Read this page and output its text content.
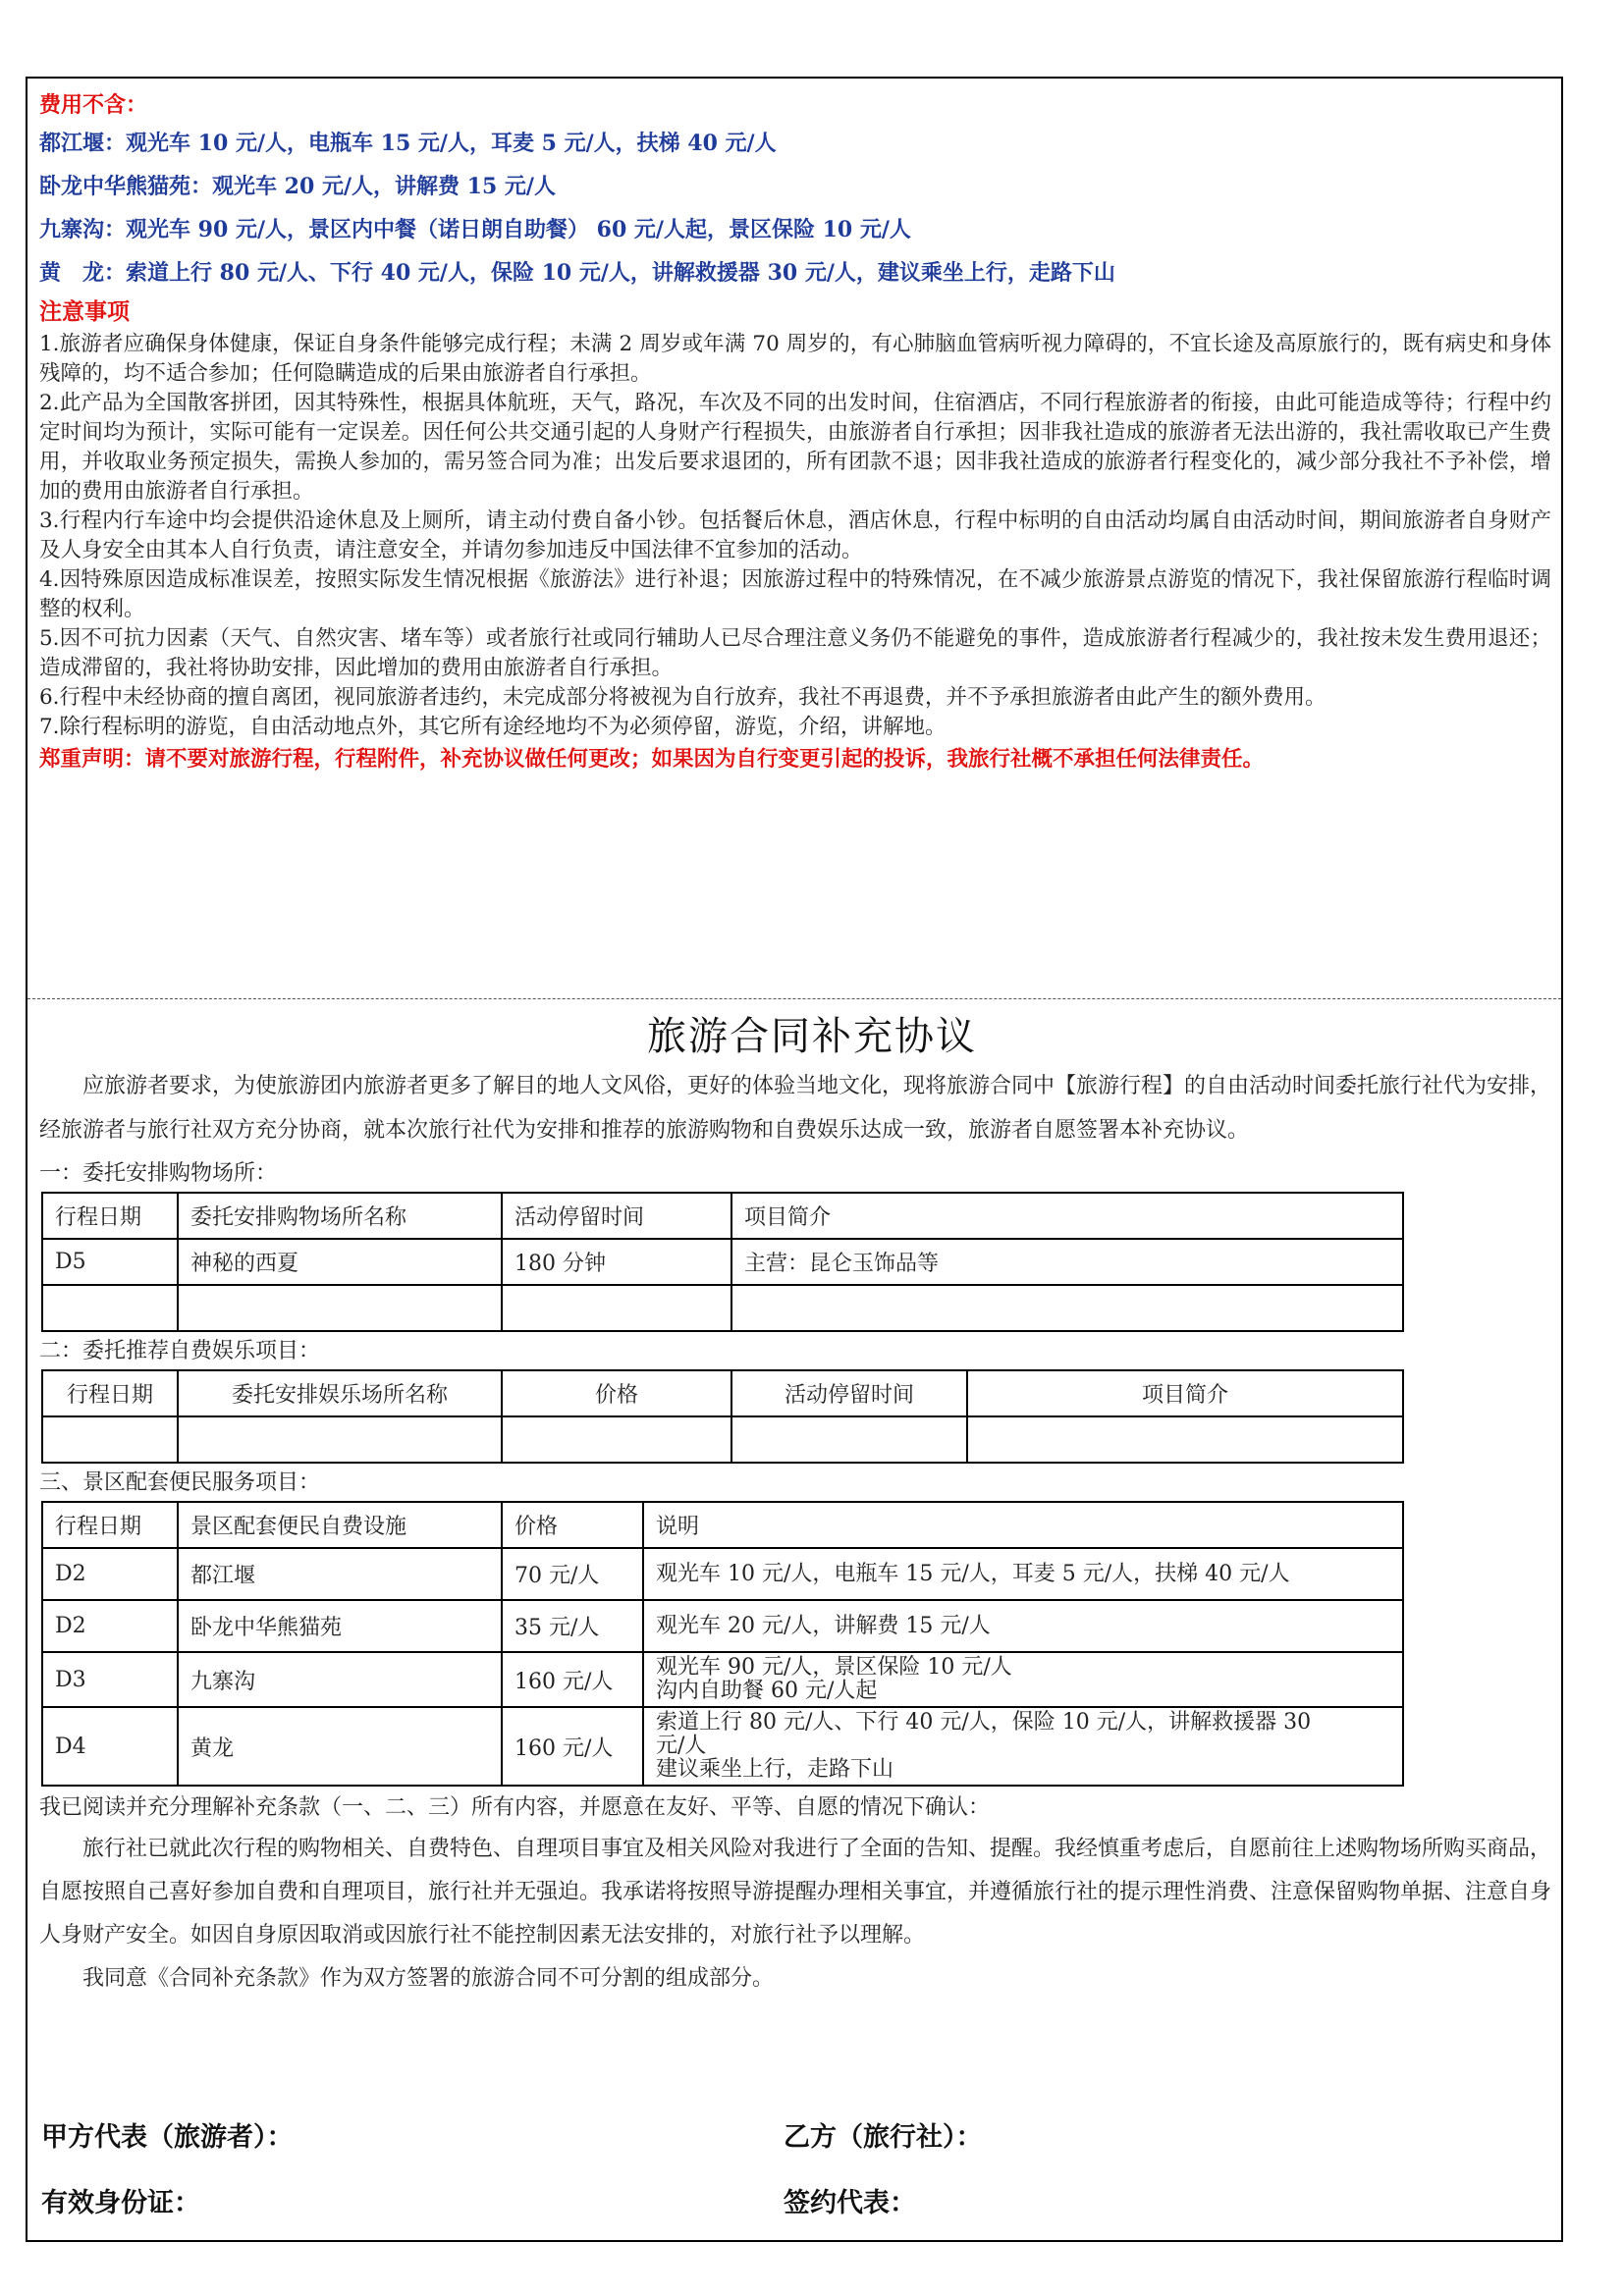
费用不含：
都江堰：观光车 10 元/人，电瓶车 15 元/人，耳麦 5 元/人，扶梯 40 元/人
卧龙中华熊猫苑：观光车 20 元/人，讲解费 15 元/人
九寨沟：观光车 90 元/人，景区内中餐（诺日朗自助餐） 60 元/人起，景区保险 10 元/人
黄　龙：索道上行 80 元/人、下行 40 元/人，保险 10 元/人，讲解救援器 30 元/人，建议乘坐上行，走路下山
注意事项

1.旅游者应确保身体健康，保证自身条件能够完成行程；未满 2 周岁或年满 70 周岁的，有心肺脑血管病听视力障碍的，不宜长途及高原旅行的，既有病史和身体残障的，均不适合参加；任何隐瞒造成的后果由旅游者自行承担。

2.此产品为全国散客拼团，因其特殊性，根据具体航班，天气，路况，车次及不同的出发时间，住宿酒店，不同行程旅游者的衔接，由此可能造成等待；行程中约定时间均为预计，实际可能有一定误差。因任何公共交通引起的人身财产行程损失，由旅游者自行承担；因非我社造成的旅游者无法出游的，我社需收取已产生费用，并收取业务预定损失，需换人参加的，需另签合同为准；出发后要求退团的，所有团款不退；因非我社造成的旅游者行程变化的，减少部分我社不予补偿，增加的费用由旅游者自行承担。

3.行程内行车途中均会提供沿途休息及上厕所，请主动付费自备小钞。包括餐后休息，酒店休息，行程中标明的自由活动均属自由活动时间，期间旅游者自身财产及人身安全由其本人自行负责，请注意安全，并请勿参加违反中国法律不宜参加的活动。

4.因特殊原因造成标准误差，按照实际发生情况根据《旅游法》进行补退；因旅游过程中的特殊情况，在不减少旅游景点游览的情况下，我社保留旅游行程临时调整的权利。

5.因不可抗力因素（天气、自然灾害、堵车等）或者旅行社或同行辅助人已尽合理注意义务仍不能避免的事件，造成旅游者行程减少的，我社按未发生费用退还；造成滞留的，我社将协助安排，因此增加的费用由旅游者自行承担。

6.行程中未经协商的擅自离团，视同旅游者违约，未完成部分将被视为自行放弃，我社不再退费，并不予承担旅游者由此产生的额外费用。

7.除行程标明的游览，自由活动地点外，其它所有途经地均不为必须停留，游览，介绍，讲解地。

郑重声明：请不要对旅游行程，行程附件，补充协议做任何更改；如果因为自行变更引起的投诉，我旅行社概不承担任何法律责任。
旅游合同补充协议

应旅游者要求，为使旅游团内旅游者更多了解目的地人文风俗，更好的体验当地文化，现将旅游合同中【旅游行程】的自由活动时间委托旅行社代为安排，经旅游者与旅行社双方充分协商，就本次旅行社代为安排和推荐的旅游购物和自费娱乐达成一致，旅游者自愿签署本补充协议。

一：委托安排购物场所：

行程日期	委托安排购物场所名称	活动停留时间	项目简介
D5	神秘的西夏	180 分钟	主营：昆仑玉饰品等

二：委托推荐自费娱乐项目：

行程日期	委托安排娱乐场所名称	价格	活动停留时间	项目简介

三、景区配套便民服务项目：

行程日期	景区配套便民自费设施	价格	说明
D2	都江堰	70 元/人	观光车 10 元/人，电瓶车 15 元/人，耳麦 5 元/人，扶梯 40 元/人

D2	卧龙中华熊猫苑	35 元/人	观光车 20 元/人，讲解费 15 元/人

D3	九寨沟	160 元/人	观光车 90 元/人，景区保险 10 元/人
沟内自助餐 60 元/人起

D4	黄龙	160 元/人	索道上行 80 元/人、下行 40 元/人，保险 10 元/人，讲解救援器 30
元/人
建议乘坐上行，走路下山

我已阅读并充分理解补充条款（一、二、三）所有内容，并愿意在友好、平等、自愿的情况下确认：

旅行社已就此次行程的购物相关、自费特色、自理项目事宜及相关风险对我进行了全面的告知、提醒。我经慎重考虑后，自愿前往上述购物场所购买商品，自愿按照自己喜好参加自费和自理项目，旅行社并无强迫。我承诺将按照导游提醒办理相关事宜，并遵循旅行社的提示理性消费、注意保留购物单据、注意自身人身财产安全。如因自身原因取消或因旅行社不能控制因素无法安排的，对旅行社予以理解。

我同意《合同补充条款》作为双方签署的旅游合同不可分割的组成部分。

甲方代表（旅游者）：	乙方（旅行社）：
有效身份证：	签约代表：
